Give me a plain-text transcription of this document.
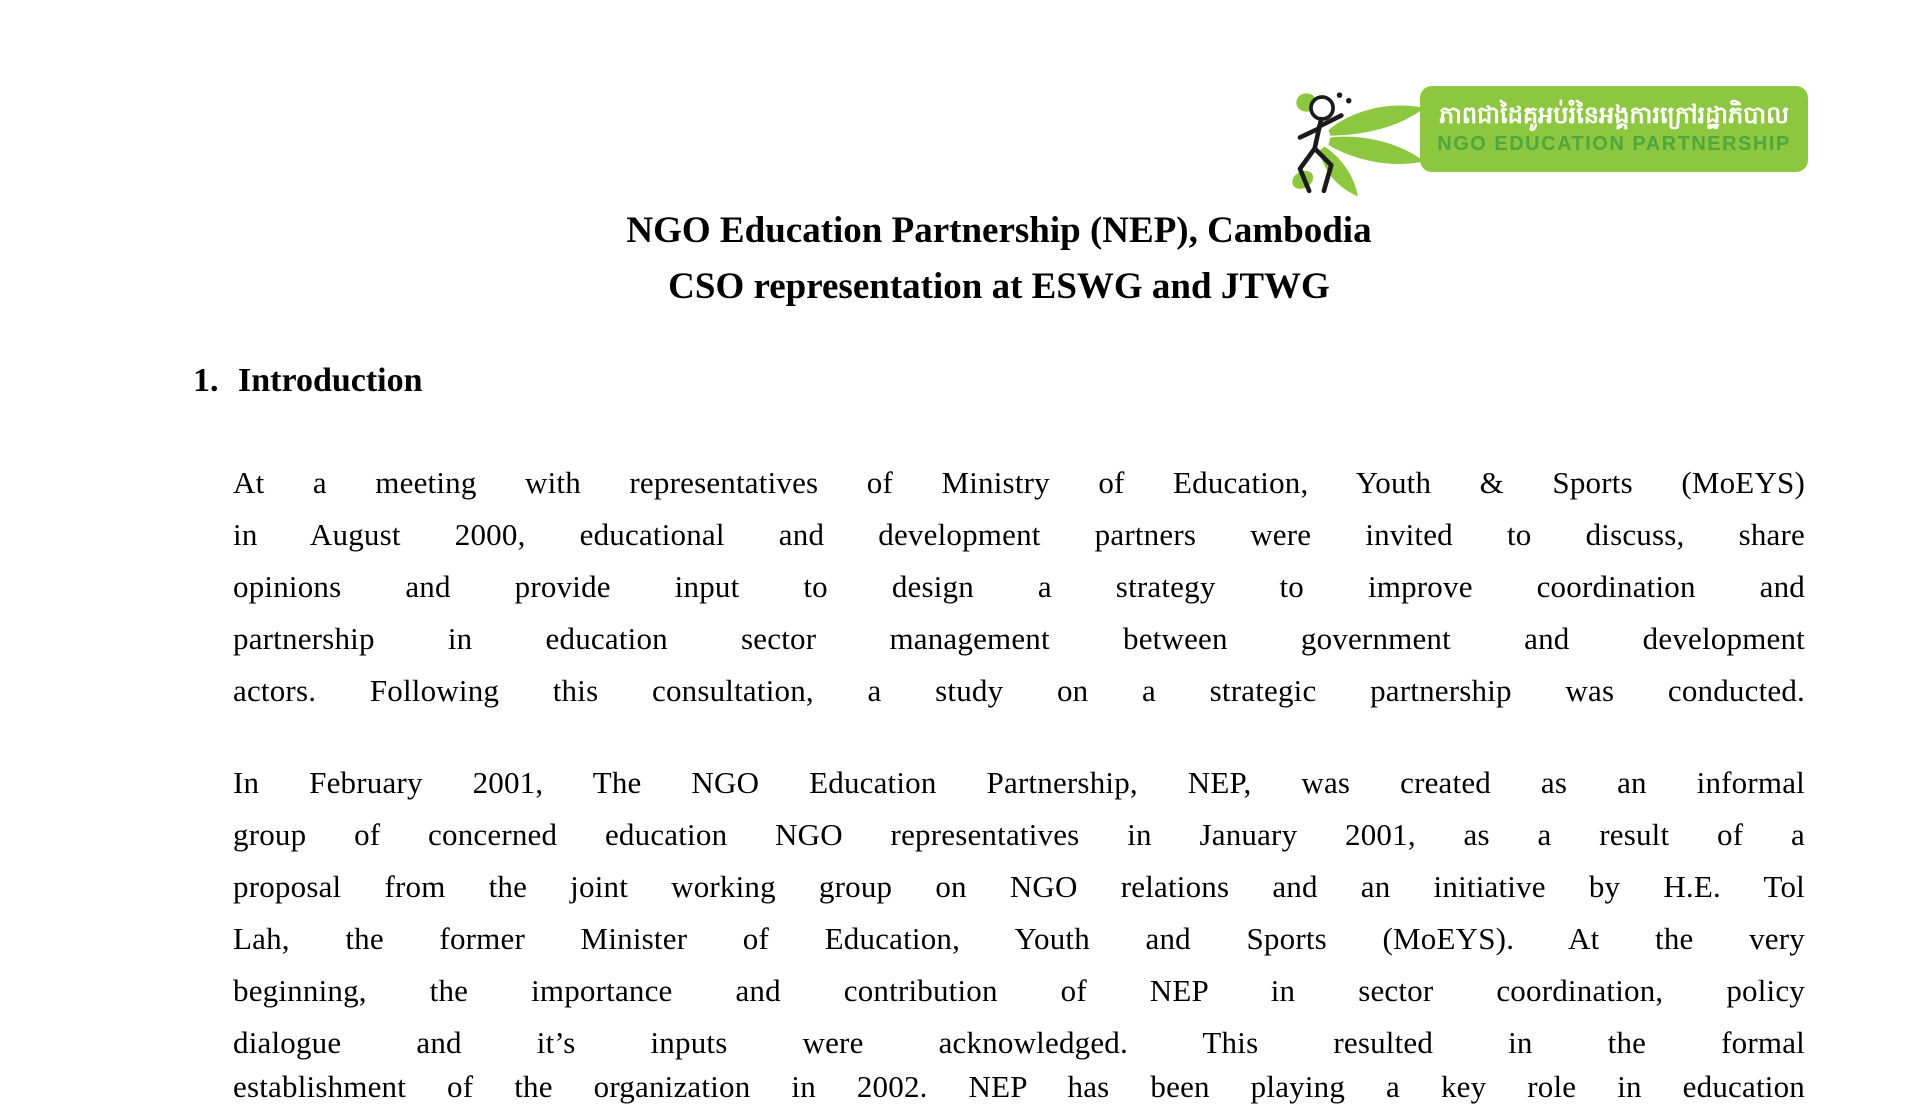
ភាពជាដៃគូអប់រំនៃអង្គការក្រៅរដ្ឋាភិបាល
NGO EDUCATION PARTNERSHIP
NGO Education Partnership (NEP), Cambodia
CSO representation at ESWG and JTWG
1. Introduction
At a meeting with representatives of Ministry of Education, Youth & Sports (MoEYS)
in August 2000, educational and development partners were invited to discuss, share
opinions and provide input to design a strategy to improve coordination and
partnership in education sector management between government and development
actors. Following this consultation, a study on a strategic partnership was conducted.
In February 2001, The NGO Education Partnership, NEP, was created as an informal
group of concerned education NGO representatives in January 2001, as a result of a
proposal from the joint working group on NGO relations and an initiative by H.E. Tol
Lah, the former Minister of Education, Youth and Sports (MoEYS). At the very
beginning, the importance and contribution of NEP in sector coordination, policy
dialogue and it’s inputs were acknowledged. This resulted in the formal
establishment of the organization in 2002. NEP has been playing a key role in education
